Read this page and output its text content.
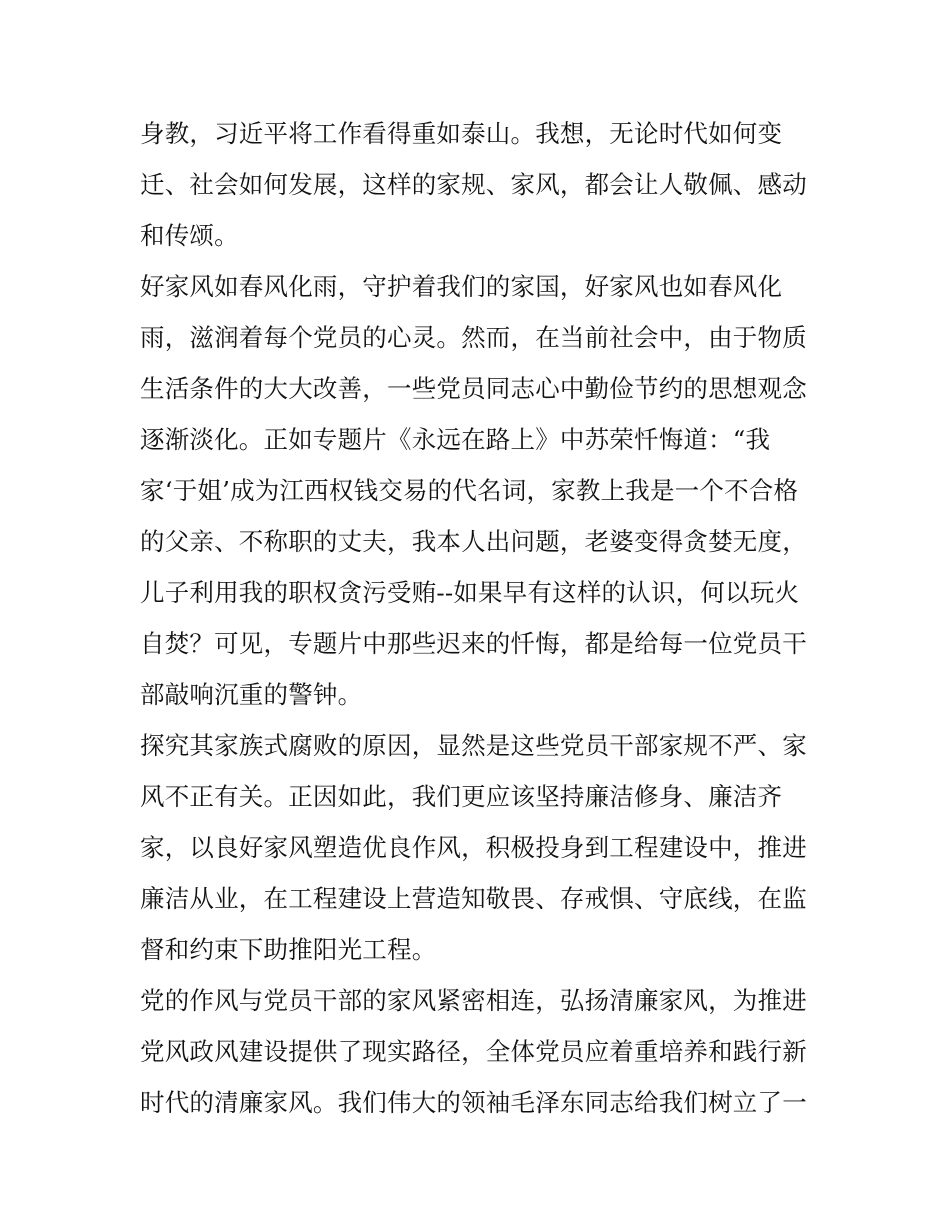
身教，习近平将工作看得重如泰山。我想，无论时代如何变
迁、社会如何发展，这样的家规、家风，都会让人敬佩、感动
和传颂。
好家风如春风化雨，守护着我们的家国，好家风也如春风化
雨，滋润着每个党员的心灵。然而，在当前社会中，由于物质
生活条件的大大改善，一些党员同志心中勤俭节约的思想观念
逐渐淡化。正如专题片《永远在路上》中苏荣忏悔道：“我
家‘于姐’成为江西权钱交易的代名词，家教上我是一个不合格
的父亲、不称职的丈夫，我本人出问题，老婆变得贪婪无度，
儿子利用我的职权贪污受贿--如果早有这样的认识，何以玩火
自焚？可见，专题片中那些迟来的忏悔，都是给每一位党员干
部敲响沉重的警钟。
探究其家族式腐败的原因，显然是这些党员干部家规不严、家
风不正有关。正因如此，我们更应该坚持廉洁修身、廉洁齐
家，以良好家风塑造优良作风，积极投身到工程建设中，推进
廉洁从业，在工程建设上营造知敬畏、存戒惧、守底线，在监
督和约束下助推阳光工程。
党的作风与党员干部的家风紧密相连，弘扬清廉家风，为推进
党风政风建设提供了现实路径，全体党员应着重培养和践行新
时代的清廉家风。我们伟大的领袖毛泽东同志给我们树立了一
